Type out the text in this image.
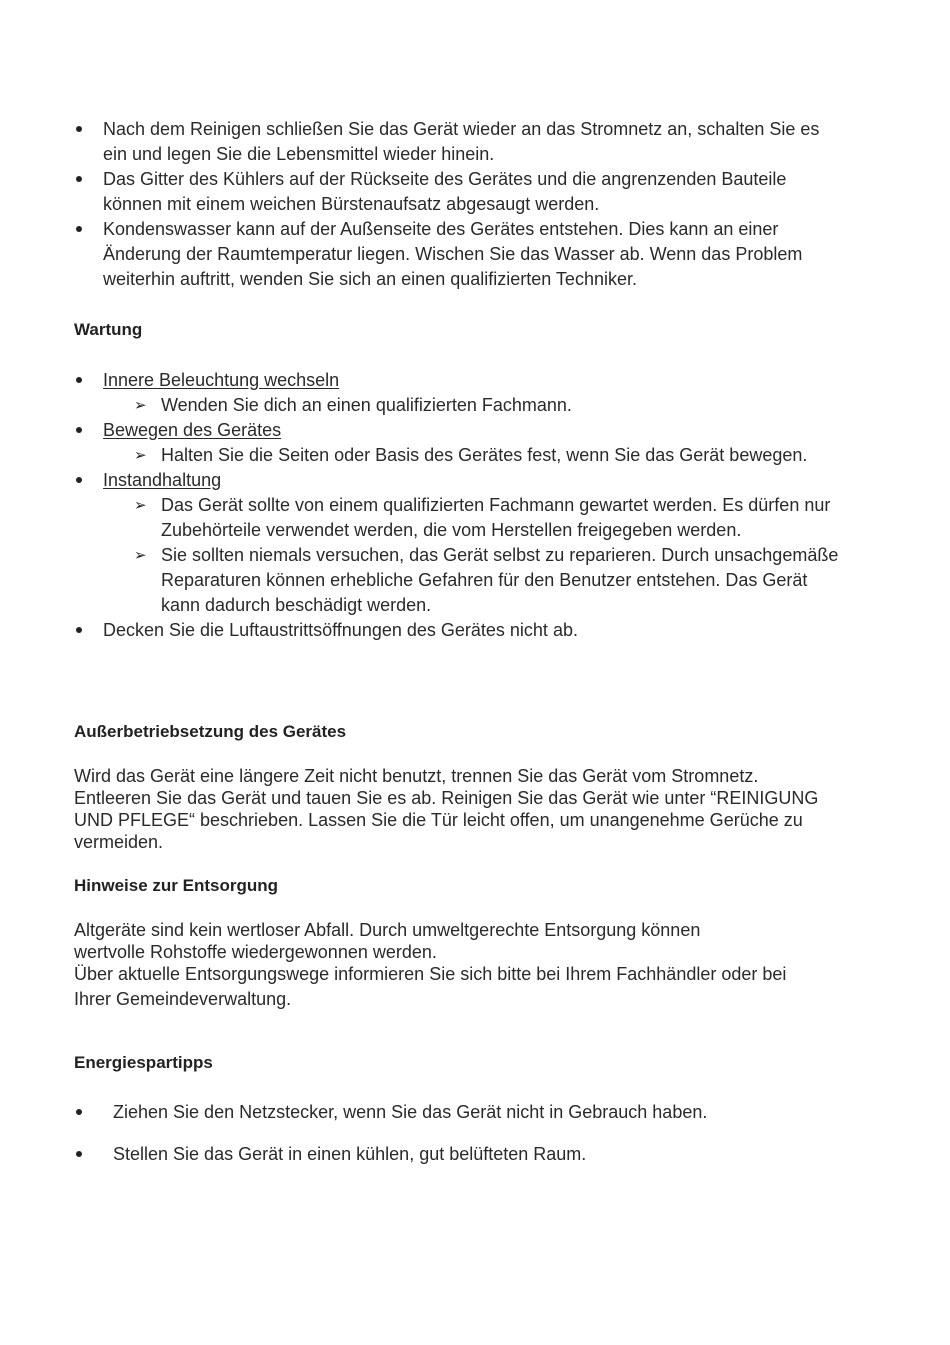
Nach dem Reinigen schließen Sie das Gerät wieder an das Stromnetz an, schalten Sie es ein und legen Sie die Lebensmittel wieder hinein.
Das Gitter des Kühlers auf der Rückseite des Gerätes und die angrenzenden Bauteile können mit einem weichen Bürstenaufsatz abgesaugt werden.
Kondenswasser kann auf der Außenseite des Gerätes entstehen. Dies kann an einer Änderung der Raumtemperatur liegen. Wischen Sie das Wasser ab. Wenn das Problem weiterhin auftritt, wenden Sie sich an einen qualifizierten Techniker.
Wartung
Innere Beleuchtung wechseln
➢ Wenden Sie dich an einen qualifizierten Fachmann.
Bewegen des Gerätes
➢ Halten Sie die Seiten oder Basis des Gerätes fest, wenn Sie das Gerät bewegen.
Instandhaltung
➢ Das Gerät sollte von einem qualifizierten Fachmann gewartet werden. Es dürfen nur Zubehörteile verwendet werden, die vom Herstellen freigegeben werden.
➢ Sie sollten niemals versuchen, das Gerät selbst zu reparieren. Durch unsachgemäße Reparaturen können erhebliche Gefahren für den Benutzer entstehen. Das Gerät kann dadurch beschädigt werden.
Decken Sie die Luftaustrittsöffnungen des Gerätes nicht ab.
Außerbetriebsetzung des Gerätes

Wird das Gerät eine längere Zeit nicht benutzt, trennen Sie das Gerät vom Stromnetz. Entleeren Sie das Gerät und tauen Sie es ab. Reinigen Sie das Gerät wie unter “REINIGUNG UND PFLEGE“ beschrieben. Lassen Sie die Tür leicht offen, um unangenehme Gerüche zu vermeiden.

Hinweise zur Entsorgung

Altgeräte sind kein wertloser Abfall. Durch umweltgerechte Entsorgung können wertvolle Rohstoffe wiedergewonnen werden.

Über aktuelle Entsorgungswege informieren Sie sich bitte bei Ihrem Fachhändler oder bei Ihrer Gemeindeverwaltung.

Energiespartipps
Ziehen Sie den Netzstecker, wenn Sie das Gerät nicht in Gebrauch haben.
Stellen Sie das Gerät in einen kühlen, gut belüfteten Raum.
